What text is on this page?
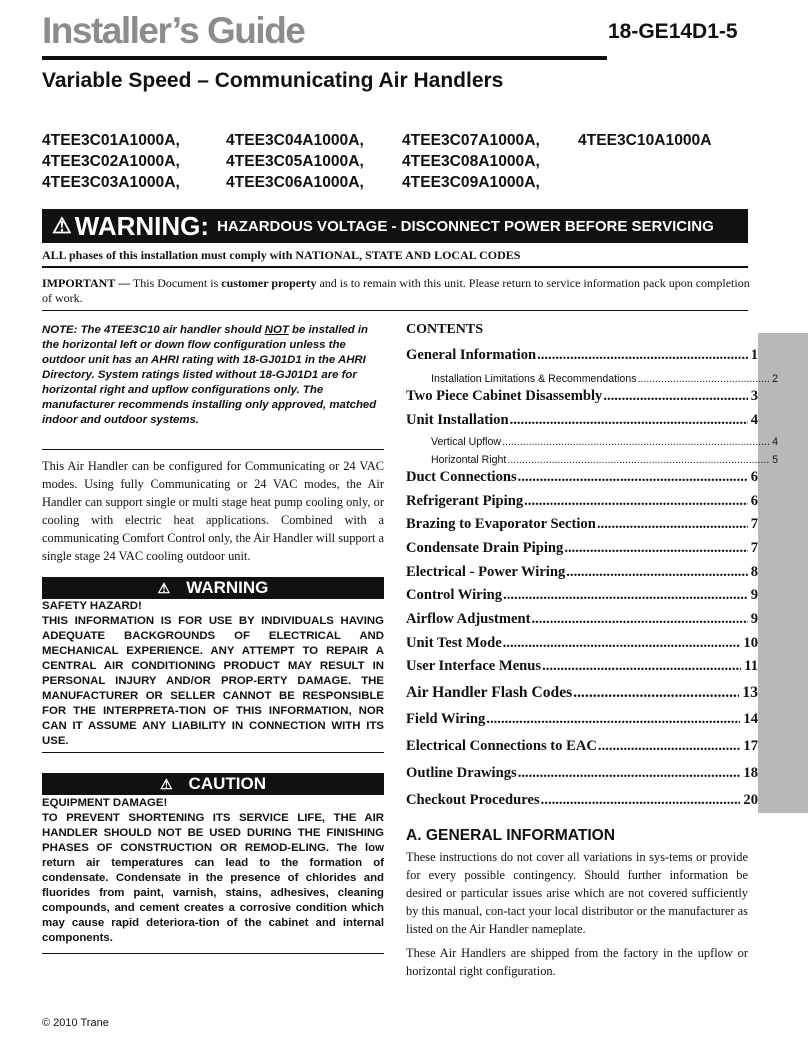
Installer’s Guide	18-GE14D1-5
Variable Speed – Communicating Air Handlers
4TEE3C01A1000A,	4TEE3C04A1000A, 4TEE3C07A1000A, 4TEE3C10A1000A
4TEE3C02A1000A,	4TEE3C05A1000A, 4TEE3C08A1000A,
4TEE3C03A1000A,	4TEE3C06A1000A, 4TEE3C09A1000A,
⚠ WARNING: HAZARDOUS VOLTAGE - DISCONNECT POWER BEFORE SERVICING
ALL phases of this installation must comply with NATIONAL, STATE AND LOCAL CODES
IMPORTANT — This Document is customer property and is to remain with this unit. Please return to service information pack upon completion of work.
NOTE: The 4TEE3C10 air handler should NOT be installed in the horizontal left or down flow configuration unless the outdoor unit has an AHRI rating with 18-GJ01D1 in the AHRI Directory. System ratings listed without 18-GJ01D1 are for horizontal right and upflow configurations only. The manufacturer recommends installing only approved, matched indoor and outdoor systems.
This Air Handler can be configured for Communicating or 24 VAC modes. Using fully Communicating or 24 VAC modes, the Air Handler can support single or multi stage heat pump cooling only, or cooling with electric heat applications. Combined with a communicating Comfort Control only, the Air Handler will support a single stage 24 VAC cooling outdoor unit.
⚠ WARNING

SAFETY HAZARD!

THIS INFORMATION IS FOR USE BY INDIVIDUALS HAVING ADEQUATE BACKGROUNDS OF ELECTRICAL AND MECHANICAL EXPERIENCE. ANY ATTEMPT TO REPAIR A CENTRAL AIR CONDITIONING PRODUCT MAY RESULT IN PERSONAL INJURY AND/OR PROP-ERTY DAMAGE. THE MANUFACTURER OR SELLER CANNOT BE RESPONSIBLE FOR THE INTERPRETA-TION OF THIS INFORMATION, NOR CAN IT ASSUME ANY LIABILITY IN CONNECTION WITH ITS USE.

⚠ CAUTION

EQUIPMENT DAMAGE!

TO PREVENT SHORTENING ITS SERVICE LIFE, THE AIR HANDLER SHOULD NOT BE USED DURING THE FINISHING PHASES OF CONSTRUCTION OR REMOD-ELING. The low return air temperatures can lead to the formation of condensate. Condensate in the presence of chlorides and fluorides from paint, varnish, stains, adhesives, cleaning compounds, and cement creates a corrosive condition which may cause rapid deteriora-tion of the cabinet and internal components.

CONTENTS
General Information .....	1
Installation Limitations & Recommendations .....	2
Two Piece Cabinet Disassembly .....	3
Unit Installation .....	4
Vertical Upflow .....	4
Horizontal Right .....	5
Duct Connections .....	6
Refrigerant Piping .....	6
Brazing to Evaporator Section .....	7
Condensate Drain Piping .....	7
Electrical - Power Wiring .....	8
Control Wiring .....	9
Airflow Adjustment .....	9
Unit Test Mode .....	10
User Interface Menus .....	11
Air Handler Flash Codes .....	13
Field Wiring .....	14
Electrical Connections to EAC .....	17
Outline Drawings .....	18
Checkout Procedures .....	20
A. GENERAL INFORMATION

These instructions do not cover all variations in sys-tems or provide for every possible contingency. Should further information be desired or particular issues arise which are not covered sufficiently by this manual, con-tact your local distributor or the manufacturer as listed on the Air Handler nameplate.

These Air Handlers are shipped from the factory in the upflow or horizontal right configuration.

© 2010 Trane
